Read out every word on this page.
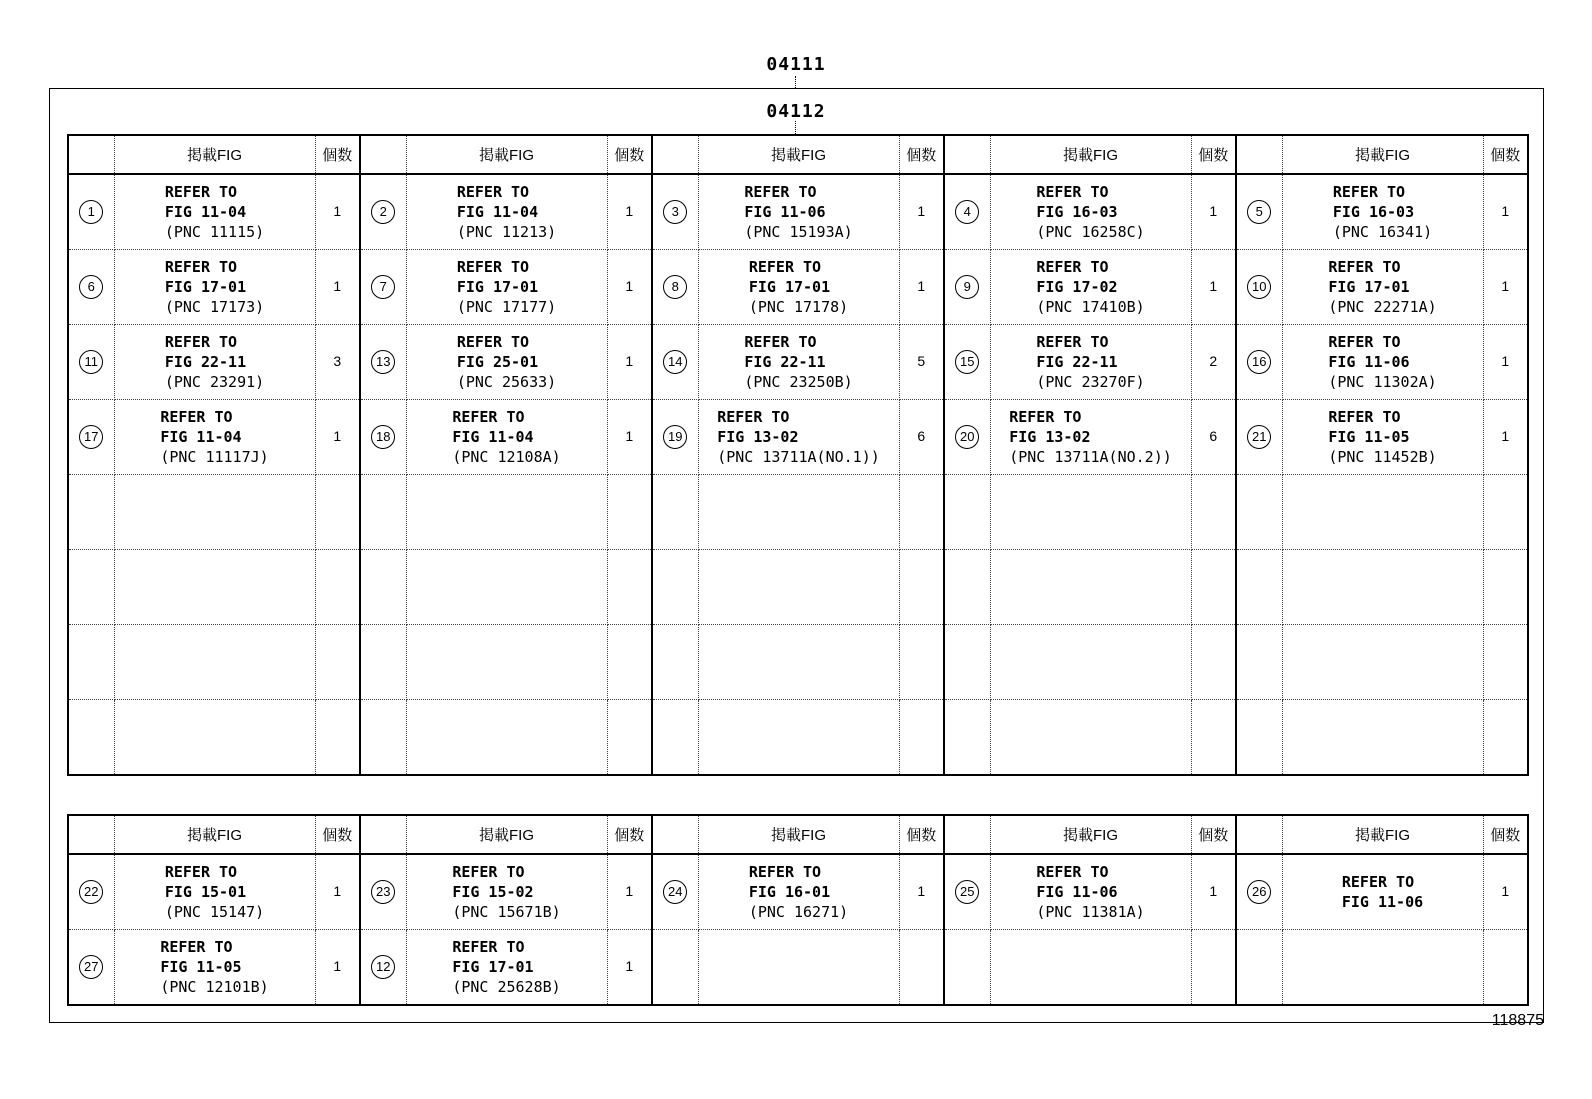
04111
04112
	掲載FIG	個数		掲載FIG	個数		掲載FIG	個数		掲載FIG	個数		掲載FIG	個数
1	REFER TO
FIG 11-04
(PNC 11115)	1	2	REFER TO
FIG 11-04
(PNC 11213)	1	3	REFER TO
FIG 11-06
(PNC 15193A)	1	4	REFER TO
FIG 16-03
(PNC 16258C)	1	5	REFER TO
FIG 16-03
(PNC 16341)	1
6	REFER TO
FIG 17-01
(PNC 17173)	1	7	REFER TO
FIG 17-01
(PNC 17177)	1	8	REFER TO
FIG 17-01
(PNC 17178)	1	9	REFER TO
FIG 17-02
(PNC 17410B)	1	10	REFER TO
FIG 17-01
(PNC 22271A)	1
11	REFER TO
FIG 22-11
(PNC 23291)	3	13	REFER TO
FIG 25-01
(PNC 25633)	1	14	REFER TO
FIG 22-11
(PNC 23250B)	5	15	REFER TO
FIG 22-11
(PNC 23270F)	2	16	REFER TO
FIG 11-06
(PNC 11302A)	1
17	REFER TO
FIG 11-04
(PNC 11117J)	1	18	REFER TO
FIG 11-04
(PNC 12108A)	1	19	REFER TO
FIG 13-02
(PNC 13711A(NO.1))	6	20	REFER TO
FIG 13-02
(PNC 13711A(NO.2))	6	21	REFER TO
FIG 11-05
(PNC 11452B)	1

	掲載FIG	個数		掲載FIG	個数		掲載FIG	個数		掲載FIG	個数		掲載FIG	個数
22	REFER TO
FIG 15-01
(PNC 15147)	1	23	REFER TO
FIG 15-02
(PNC 15671B)	1	24	REFER TO
FIG 16-01
(PNC 16271)	1	25	REFER TO
FIG 11-06
(PNC 11381A)	1	26	REFER TO
FIG 11-06	1
27	REFER TO
FIG 11-05
(PNC 12101B)	1	12	REFER TO
FIG 17-01
(PNC 25628B)	1									
118875
